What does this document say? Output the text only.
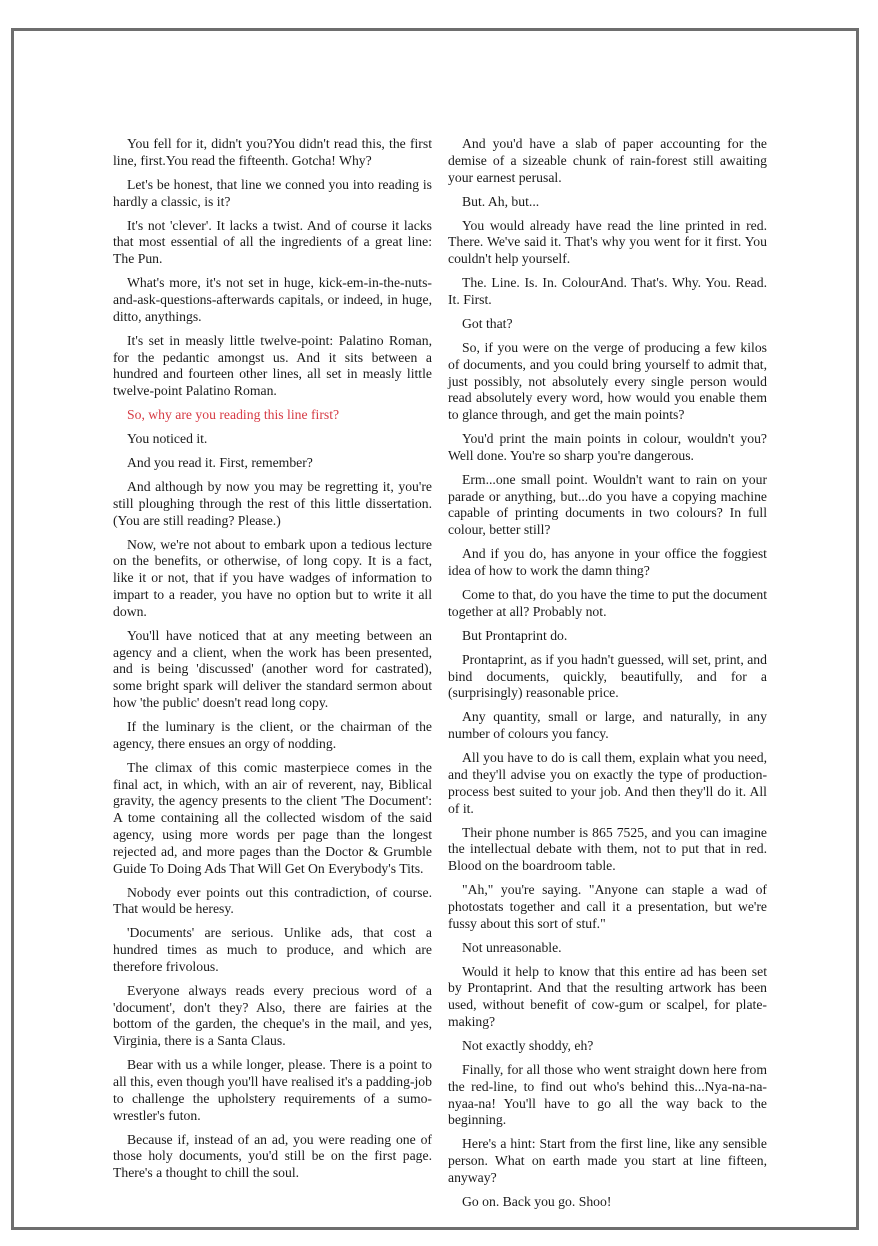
You fell for it, didn't you?You didn't read this, the first line, first.You read the fifteenth. Gotcha! Why?

Let's be honest, that line we conned you into reading is hardly a classic, is it?

It's not 'clever'. It lacks a twist. And of course it lacks that most essential of all the ingredients of a great line: The Pun.

What's more, it's not set in huge, kick-em-in-the-nuts-and-ask-questions-afterwards capitals, or indeed, in huge, ditto, anythings.

It's set in measly little twelve-point: Palatino Roman, for the pedantic amongst us. And it sits between a hundred and fourteen other lines, all set in measly little twelve-point Palatino Roman.

So, why are you reading this line first?

You noticed it.

And you read it. First, remember?

And although by now you may be regretting it, you're still ploughing through the rest of this little dissertation. (You are still reading? Please.)

Now, we're not about to embark upon a tedious lecture on the benefits, or otherwise, of long copy. It is a fact, like it or not, that if you have wadges of information to impart to a reader, you have no option but to write it all down.

You'll have noticed that at any meeting between an agency and a client, when the work has been presented, and is being 'discussed' (another word for castrated), some bright spark will deliver the standard sermon about how 'the public' doesn't read long copy.

If the luminary is the client, or the chairman of the agency, there ensues an orgy of nodding.

The climax of this comic masterpiece comes in the final act, in which, with an air of reverent, nay, Biblical gravity, the agency presents to the client 'The Document': A tome containing all the collected wisdom of the said agency, using more words per page than the longest rejected ad, and more pages than the Doctor & Grumble Guide To Doing Ads That Will Get On Everybody's Tits.

Nobody ever points out this contradiction, of course. That would be heresy.

'Documents' are serious. Unlike ads, that cost a hundred times as much to produce, and which are therefore frivolous.

Everyone always reads every precious word of a 'document', don't they? Also, there are fairies at the bottom of the garden, the cheque's in the mail, and yes, Virginia, there is a Santa Claus.

Bear with us a while longer, please. There is a point to all this, even though you'll have realised it's a padding-job to challenge the upholstery requirements of a sumo-wrestler's futon.

Because if, instead of an ad, you were reading one of those holy documents, you'd still be on the first page. There's a thought to chill the soul.

And you'd have a slab of paper accounting for the demise of a sizeable chunk of rain-forest still awaiting your earnest perusal.

But. Ah, but...

You would already have read the line printed in red. There. We've said it. That's why you went for it first. You couldn't help yourself.

The. Line. Is. In. ColourAnd. That's. Why. You. Read. It. First.

Got that?

So, if you were on the verge of producing a few kilos of documents, and you could bring yourself to admit that, just possibly, not absolutely every single person would read absolutely every word, how would you enable them to glance through, and get the main points?

You'd print the main points in colour, wouldn't you? Well done. You're so sharp you're dangerous.

Erm...one small point. Wouldn't want to rain on your parade or anything, but...do you have a copying machine capable of printing documents in two colours? In full colour, better still?

And if you do, has anyone in your office the foggiest idea of how to work the damn thing?

Come to that, do you have the time to put the document together at all? Probably not.

But Prontaprint do.

Prontaprint, as if you hadn't guessed, will set, print, and bind documents, quickly, beautifully, and for a (surprisingly) reasonable price.

Any quantity, small or large, and naturally, in any number of colours you fancy.

All you have to do is call them, explain what you need, and they'll advise you on exactly the type of production-process best suited to your job. And then they'll do it. All of it.

Their phone number is 865 7525, and you can imagine the intellectual debate with them, not to put that in red. Blood on the boardroom table.

"Ah," you're saying. "Anyone can staple a wad of photostats together and call it a presentation, but we're fussy about this sort of stuf."

Not unreasonable.

Would it help to know that this entire ad has been set by Prontaprint. And that the resulting artwork has been used, without benefit of cow-gum or scalpel, for plate-making?

Not exactly shoddy, eh?

Finally, for all those who went straight down here from the red-line, to find out who's behind this...Nya-na-na-nyaa-na! You'll have to go all the way back to the beginning.

Here's a hint: Start from the first line, like any sensible person. What on earth made you start at line fifteen, anyway?

Go on. Back you go. Shoo!
